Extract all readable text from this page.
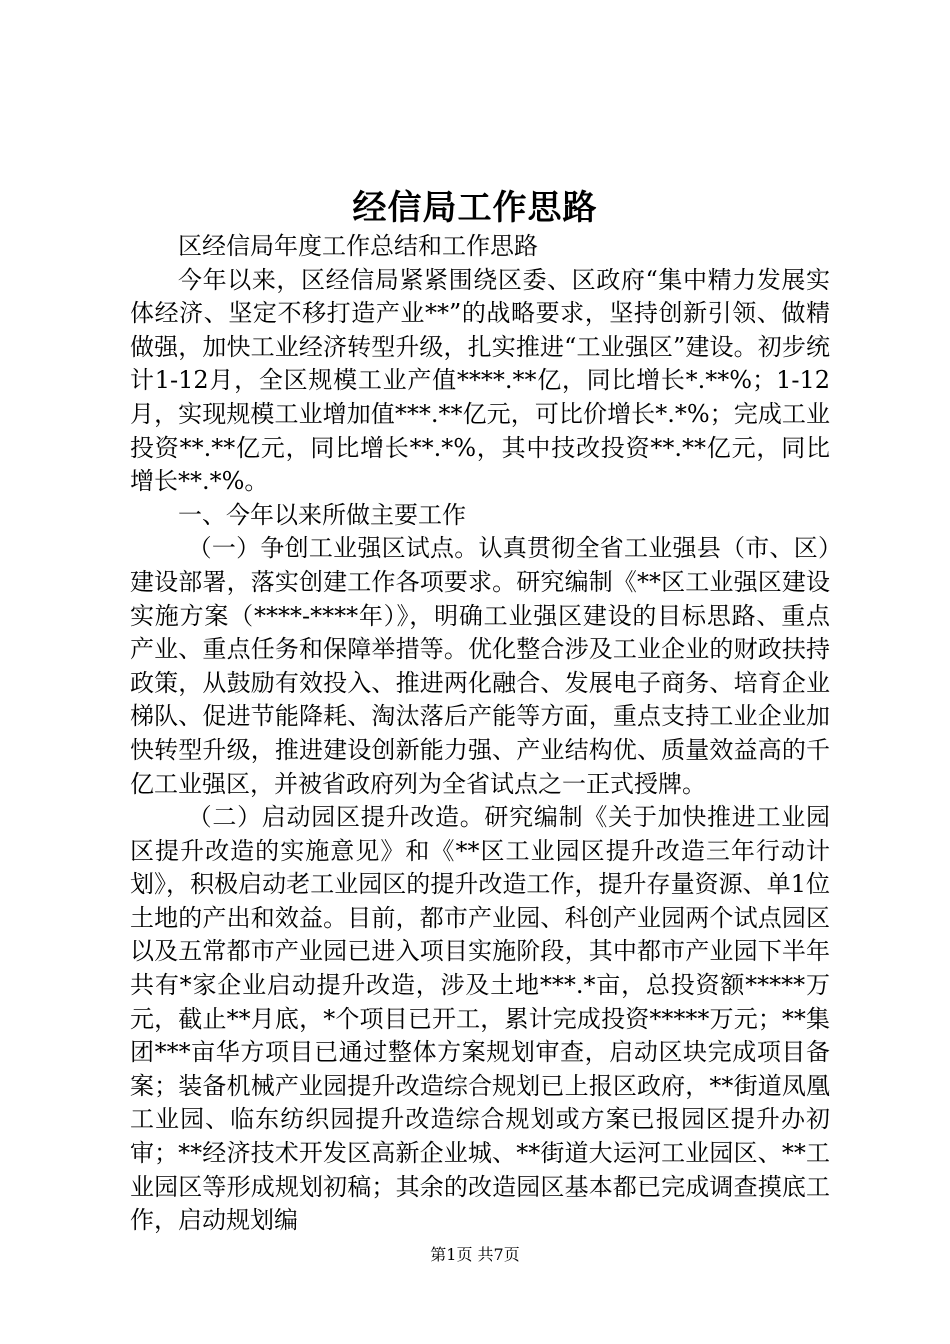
经信局工作思路

区经信局年度工作总结和工作思路

今年以来，区经信局紧紧围绕区委、区政府“集中精力发展实体经济、坚定不移打造产业**”的战略要求，坚持创新引领、做精做强，加快工业经济转型升级，扎实推进“工业强区”建设。初步统计1-12月，全区规模工业产值****.**亿，同比增长*.**%；1-12月，实现规模工业增加值***.**亿元，可比价增长*.*%；完成工业投资**.**亿元，同比增长**.*%，其中技改投资**.**亿元，同比增长**.*%。

一、今年以来所做主要工作

（一）争创工业强区试点。认真贯彻全省工业强县（市、区）建设部署，落实创建工作各项要求。研究编制《**区工业强区建设实施方案（****-****年）》，明确工业强区建设的目标思路、重点产业、重点任务和保障举措等。优化整合涉及工业企业的财政扶持政策，从鼓励有效投入、推进两化融合、发展电子商务、培育企业梯队、促进节能降耗、淘汰落后产能等方面，重点支持工业企业加快转型升级，推进建设创新能力强、产业结构优、质量效益高的千亿工业强区，并被省政府列为全省试点之一正式授牌。

（二）启动园区提升改造。研究编制《关于加快推进工业园区提升改造的实施意见》和《**区工业园区提升改造三年行动计划》，积极启动老工业园区的提升改造工作，提升存量资源、单1位土地的产出和效益。目前，都市产业园、科创产业园两个试点园区以及五常都市产业园已进入项目实施阶段，其中都市产业园下半年共有*家企业启动提升改造，涉及土地***.*亩，总投资额*****万元，截止**月底，*个项目已开工，累计完成投资*****万元；**集团***亩华方项目已通过整体方案规划审查，启动区块完成项目备案；装备机械产业园提升改造综合规划已上报区政府，**街道凤凰工业园、临东纺织园提升改造综合规划或方案已报园区提升办初审；**经济技术开发区高新企业城、**街道大运河工业园区、**工业园区等形成规划初稿；其余的改造园区基本都已完成调查摸底工作，启动规划编

第1页 共7页
